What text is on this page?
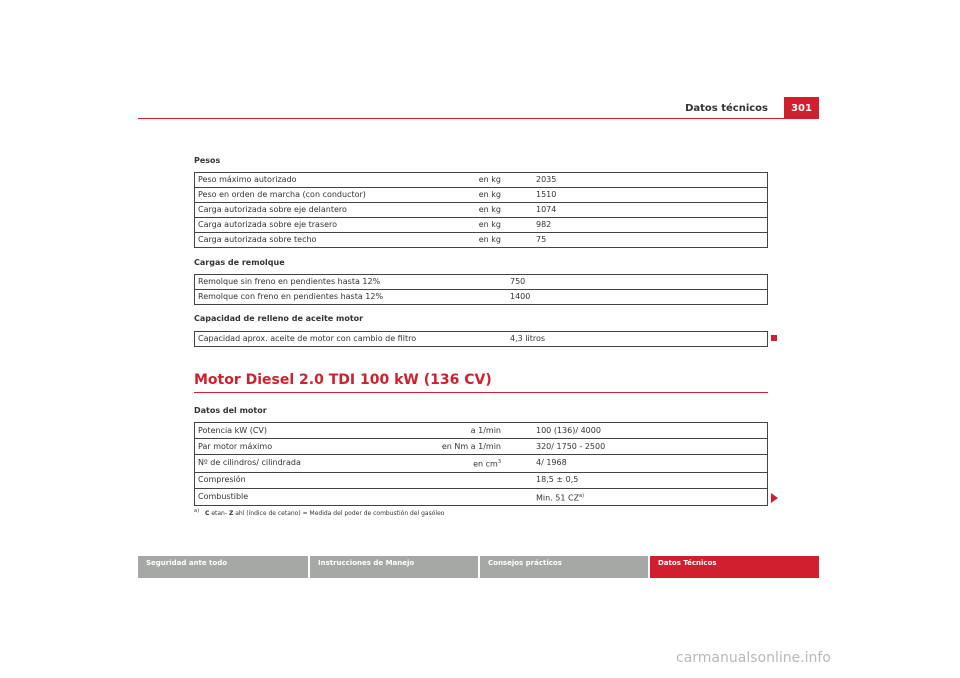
Datos técnicos	301
Pesos
Peso máximo autorizado	en kg	2035
Peso en orden de marcha (con conductor)	en kg	1510
Carga autorizada sobre eje delantero	en kg	1074
Carga autorizada sobre eje trasero	en kg	982
Carga autorizada sobre techo	en kg	75
Cargas de remolque
Remolque sin freno en pendientes hasta 12%	750
Remolque con freno en pendientes hasta 12%	1400
Capacidad de relleno de aceite motor
Capacidad aprox. aceite de motor con cambio de filtro	4,3 litros
Motor Diesel 2.0 TDI 100 kW (136 CV)
Datos del motor
Potencia kW (CV)	a 1/min	100 (136)/ 4000
Par motor máximo	en Nm a 1/min	320/ 1750 - 2500
Nº de cilindros/ cilindrada	en $cm^3$	4/ 1968
Compresión		18,5 ± 0,5
Combustible		Min. 51 CZ$^{a)}$
$^{a)}$ C etan- Z ahl (índice de cetano) = Medida del poder de combustión del gasóleo
Seguridad ante todo	Instrucciones de Manejo	Consejos prácticos	Datos Técnicos
carmanualsonline.info
